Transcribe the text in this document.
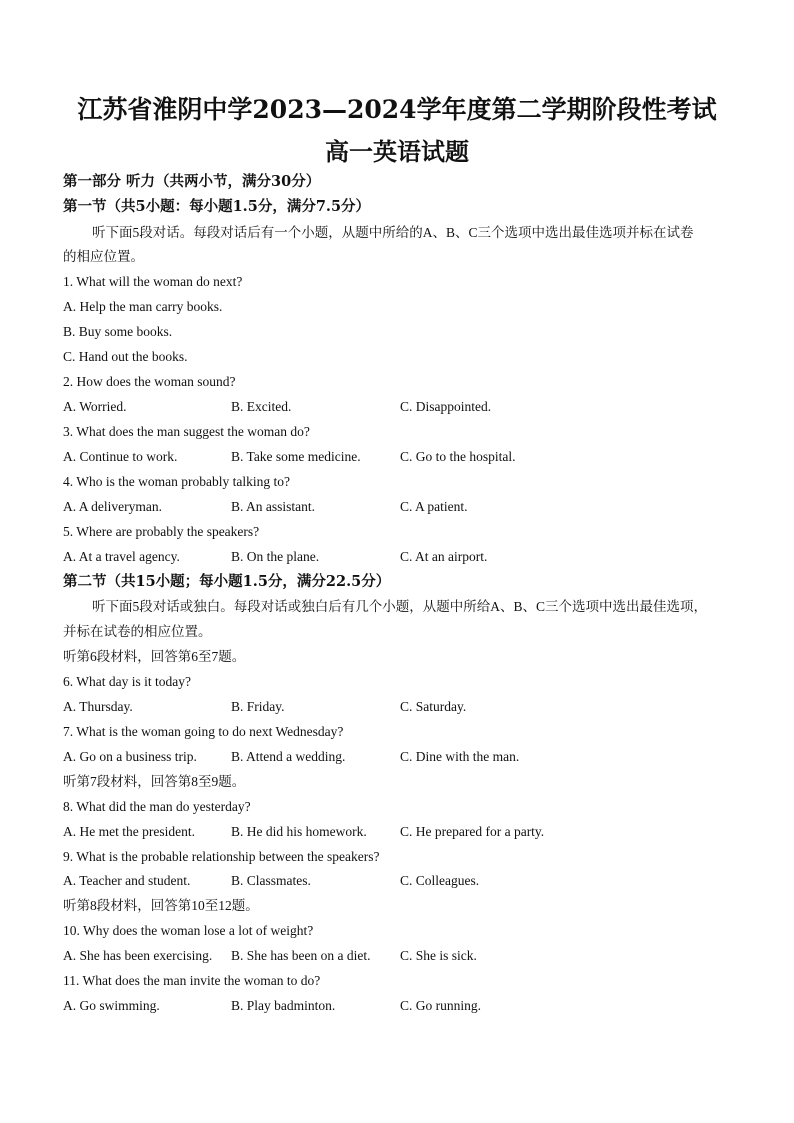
江苏省淮阴中学2023—2024学年度第二学期阶段性考试
高一英语试题
第一部分 听力（共两小节，满分30分）
第一节（共5小题：每小题1.5分，满分7.5分）
听下面5段对话。每段对话后有一个小题，从题中所给的A、B、C三个选项中选出最佳选项并标在试卷
的相应位置。
1. What will the woman do next?
A. Help the man carry books.
B. Buy some books.
C. Hand out the books.
2. How does the woman sound?
A. Worried.	B. Excited.	C. Disappointed.
3. What does the man suggest the woman do?
A. Continue to work.	B. Take some medicine.	C. Go to the hospital.
4. Who is the woman probably talking to?
A. A deliveryman.	B. An assistant.	C. A patient.
5. Where are probably the speakers?
A. At a travel agency.	B. On the plane.	C. At an airport.
第二节（共15小题；每小题1.5分，满分22.5分）
听下面5段对话或独白。每段对话或独白后有几个小题，从题中所给A、B、C三个选项中选出最佳选项，
并标在试卷的相应位置。
听第6段材料，回答第6至7题。
6. What day is it today?
A. Thursday.	B. Friday.	C. Saturday.
7. What is the woman going to do next Wednesday?
A. Go on a business trip.	B. Attend a wedding.	C. Dine with the man.
听第7段材料，回答第8至9题。
8. What did the man do yesterday?
A. He met the president.	B. He did his homework. C. He prepared for a party.
9. What is the probable relationship between the speakers?
A. Teacher and student.	B. Classmates.	C. Colleagues.
听第8段材料，回答第10至12题。
10. Why does the woman lose a lot of weight?
A. She has been exercising. B. She has been on a diet. C. She is sick.
11. What does the man invite the woman to do?
A. Go swimming.	B. Play badminton.	C. Go running.
